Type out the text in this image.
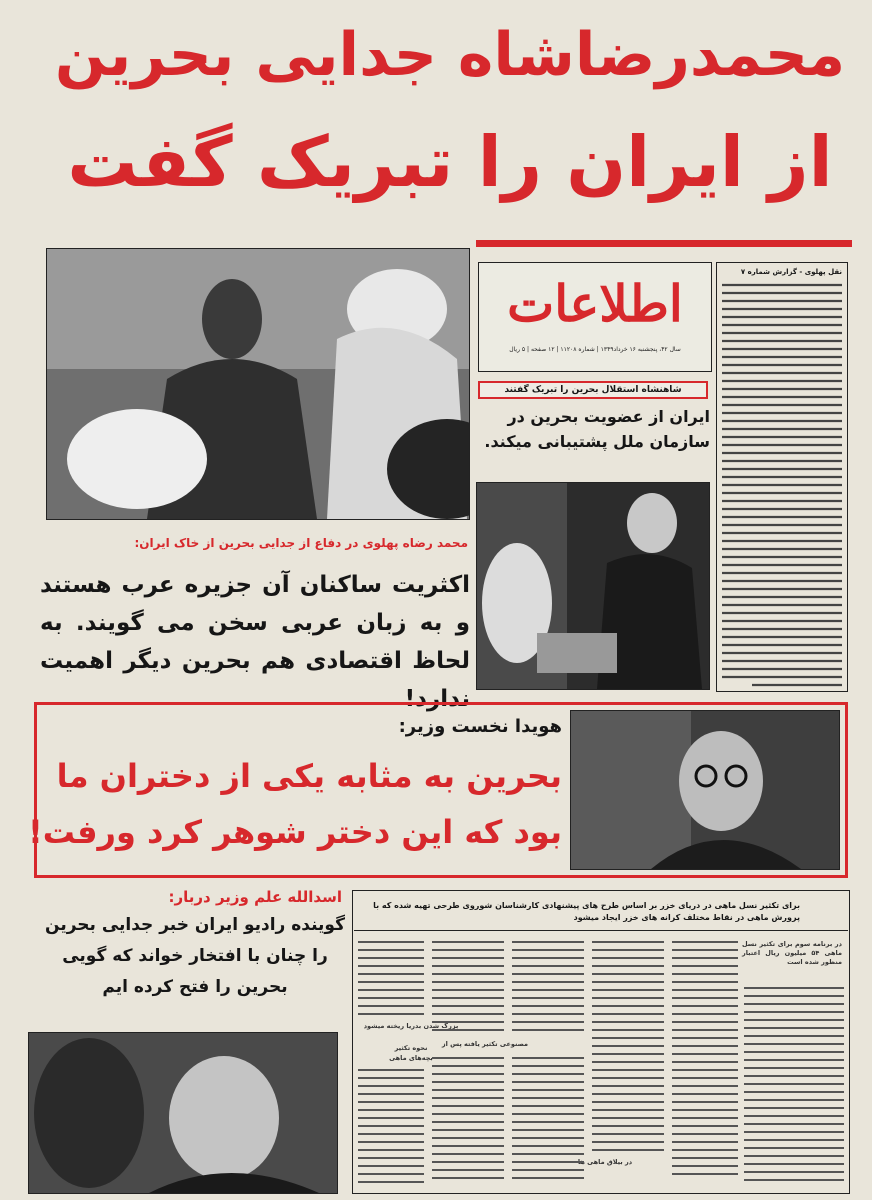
محمدرضاشاه جدایی بحرین
از ایران را تبریک گفت
اطلاعات
سال ۴۲، پنجشنبه ۱۶ خرداد۱۳۴۹ | شماره ۱۱۲۰۸ | ۱۲ صفحه | ۵ ریال
نقل پهلوی - گزارش شماره ۷
شاهنشاه استقلال بحرین را تبریک گفتند
ایران از عضویت بحرین در سازمان ملل پشتیبانی میکند.
محمد رضاه پهلوی در دفاع از جدایی بحرین از خاک ایران:
اکثریت ساکنان آن جزیره عرب هستند و به زبان عربی سخن می گویند. به لحاظ اقتصادی هم بحرین دیگر اهمیت ندارد!
هویدا نخست وزیر:
بحرین به مثابه یکی از دختران ما
بود که این دختر شوهر کرد ورفت!
اسدالله علم وزیر دربار:
گوینده رادیو ایران خبر جدایی بحرین را چنان با افتخار خواند که گویی بحرین را فتح کرده ایم
برای تکثیر نسل ماهی در دریای خزر بر اساس طرح های پیشنهادی کارشناسان شوروی طرحی تهیه شده که با پرورش ماهی در نقاط مختلف کرانه های خزر ایجاد میشود
در برنامه سوم برای تکثیر نسل ماهی ۵۴ میلیون ریال اعتبار منظور شده است
مصنوعی تکثیر یافته پس از
بزرگ شدن بدریا ریخته میشود
نحوه تکثیر
بچه‌های ماهی
در بیلاق ماهی ها
